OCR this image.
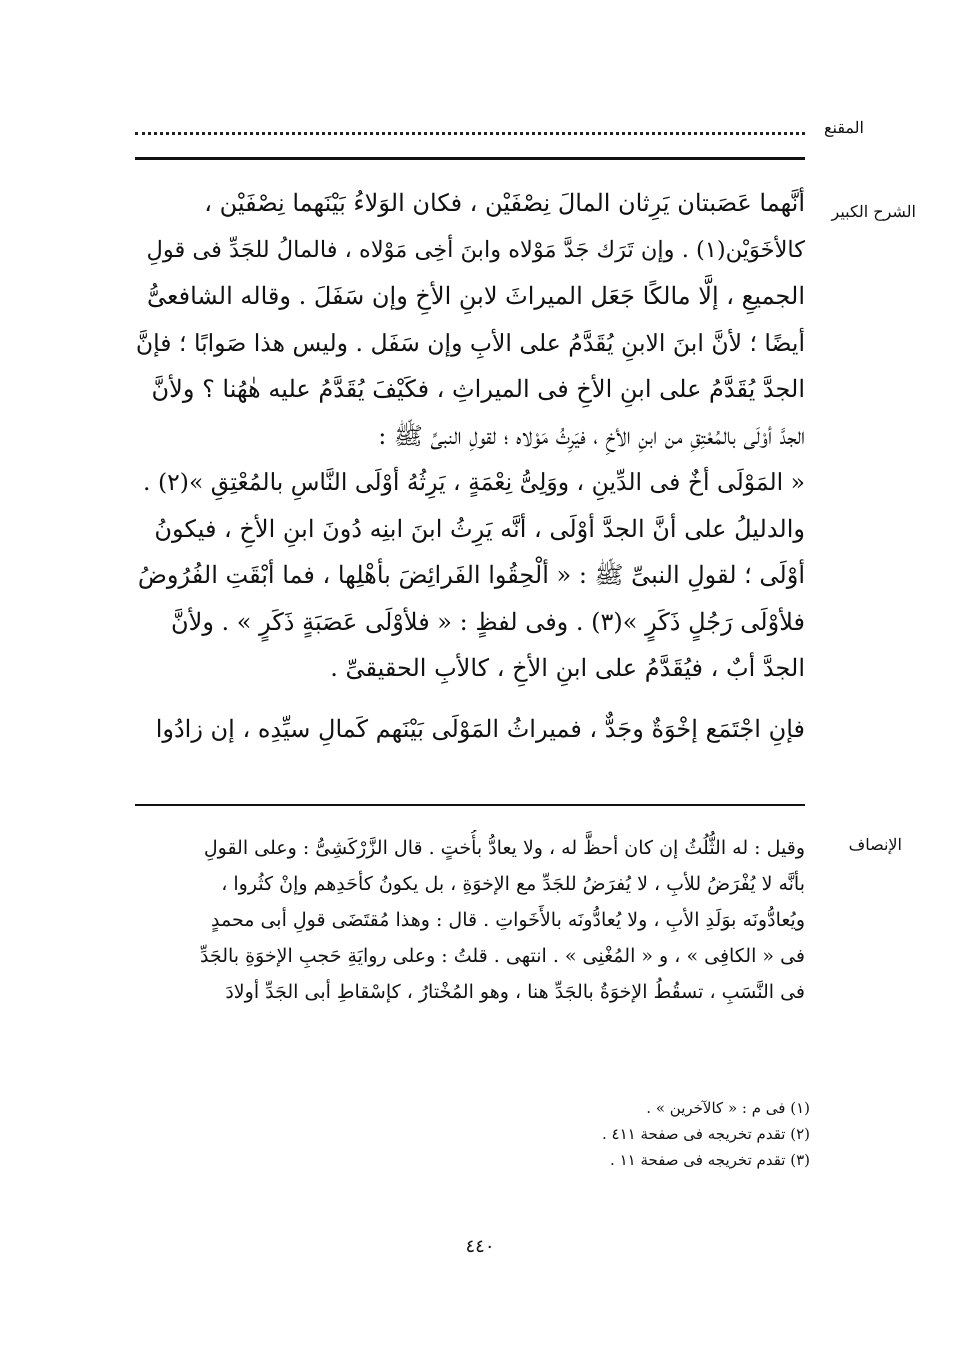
المقنع
الشرح الكبير
أنَّهما عَصَبتان يَرِثان المالَ نِصْفَيْن ، فكان الوَلاءُ بَيْنَهما نِصْفَيْن ،
كالأخَوَيْن(١) . وإن تَرَك جَدَّ مَوْلاه وابنَ أخِى مَوْلاه ، فالمالُ للجَدِّ فى قولِ
الجميعِ ، إلَّا مالكًا جَعَل الميراثَ لابنِ الأخِ وإن سَفَلَ . وقاله الشافعىُّ
أيضًا ؛ لأنَّ ابنَ الابنِ يُقَدَّمُ على الأبِ وإن سَفَل . وليس هذا صَوابًا ؛ فإنَّ
الجدَّ يُقَدَّمُ على ابنِ الأخِ فى الميراثِ ، فكَيْفَ يُقَدَّمُ عليه هٰهُنا ؟ ولأنَّ
الجدَّ أوْلَى بالمُعْتِقِ من ابنِ الأخِ ، فيَرِثُ مَوْلاه ؛ لقولِ النبىِّ ﷺ :
« المَوْلَى أخٌ فى الدِّينِ ، ووَلِىُّ نِعْمَةٍ ، يَرِثُهُ أوْلَى النَّاسِ بالمُعْتِقِ »(٢) .
والدليلُ على أنَّ الجدَّ أوْلَى ، أنَّه يَرِثُ ابنَ ابنِه دُونَ ابنِ الأخِ ، فيكونُ
أوْلَى ؛ لقولِ النبىِّ ﷺ : « ألْحِقُوا الفَرائِضَ بأهْلِها ، فما أبْقَتِ الفُرُوضُ
فلأوْلَى رَجُلٍ ذَكَرٍ »(٣) . وفى لفظٍ : « فلأوْلَى عَصَبَةٍ ذَكَرٍ » . ولأنَّ
الجدَّ أبٌ ، فيُقَدَّمُ على ابنِ الأخِ ، كالأبِ الحقيقىِّ .
فإنِ اجْتَمَع إخْوَةٌ وجَدٌّ ، فميراثُ المَوْلَى بَيْنَهم كَمالِ سيِّدِه ، إن زادُوا
الإنصاف
وقيل : له الثُّلُثُ إن كان أحظَّ له ، ولا يعادُّ بأُختٍ . قال الزَّرْكَشِىُّ : وعلى القولِ
بأنَّه لا يُفْرَضُ للأبِ ، لا يُفرَضُ للجَدِّ مع الإخوَةِ ، بل يكونُ كأحَدِهم وإنْ كثُروا ،
ويُعادُّونَه بوَلَدِ الأبِ ، ولا يُعادُّونَه بالأَخَواتِ . قال : وهذا مُقتَضَى قولِ أبى محمدٍ
فى « الكافِى » ، و « المُغْنِى » . انتهى . قلتُ : وعلى روايَةِ حَجبِ الإخوَةِ بالجَدِّ
فى النَّسَبِ ، تسقُطُ الإخوَةُ بالجَدِّ هنا ، وهو المُخْتارُ ، كإسْقاطِ أبى الجَدِّ أولادَ
(١) فى م : « كالآخرين » .
(٢) تقدم تخريجه فى صفحة ٤١١ .
(٣) تقدم تخريجه فى صفحة ١١ .
٤٤٠
